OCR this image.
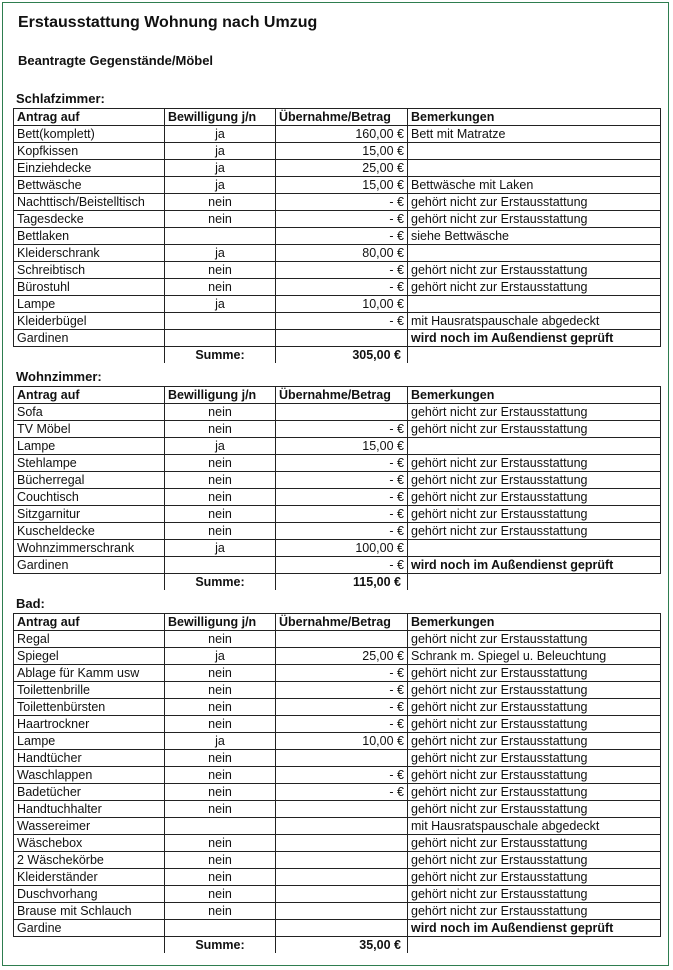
Erstausstattung Wohnung nach Umzug
Beantragte Gegenstände/Möbel
Schlafzimmer:
Antrag auf	Bewilligung j/n	Übernahme/Betrag	Bemerkungen
Bett(komplett)	ja	160,00 €	Bett mit Matratze
Kopfkissen	ja	15,00 €	
Einziehdecke	ja	25,00 €	
Bettwäsche	ja	15,00 €	Bettwäsche mit Laken
Nachttisch/Beistelltisch	nein	- €	gehört nicht zur Erstausstattung
Tagesdecke	nein	- €	gehört nicht zur Erstausstattung
Bettlaken		- €	siehe Bettwäsche
Kleiderschrank	ja	80,00 €	
Schreibtisch	nein	- €	gehört nicht zur Erstausstattung
Bürostuhl	nein	- €	gehört nicht zur Erstausstattung
Lampe	ja	10,00 €	
Kleiderbügel		- €	mit Hausratspauschale abgedeckt
Gardinen			wird noch im Außendienst geprüft
	Summe:	305,00 €	
Wohnzimmer:
Antrag auf	Bewilligung j/n	Übernahme/Betrag	Bemerkungen
Sofa	nein		gehört nicht zur Erstausstattung
TV Möbel	nein	- €	gehört nicht zur Erstausstattung
Lampe	ja	15,00 €	
Stehlampe	nein	- €	gehört nicht zur Erstausstattung
Bücherregal	nein	- €	gehört nicht zur Erstausstattung
Couchtisch	nein	- €	gehört nicht zur Erstausstattung
Sitzgarnitur	nein	- €	gehört nicht zur Erstausstattung
Kuscheldecke	nein	- €	gehört nicht zur Erstausstattung
Wohnzimmerschrank	ja	100,00 €	
Gardinen		- €	wird noch im Außendienst geprüft
	Summe:	115,00 €	
Bad:
Antrag auf	Bewilligung j/n	Übernahme/Betrag	Bemerkungen
Regal	nein		gehört nicht zur Erstausstattung
Spiegel	ja	25,00 €	Schrank m. Spiegel u. Beleuchtung
Ablage für Kamm usw	nein	- €	gehört nicht zur Erstausstattung
Toilettenbrille	nein	- €	gehört nicht zur Erstausstattung
Toilettenbürsten	nein	- €	gehört nicht zur Erstausstattung
Haartrockner	nein	- €	gehört nicht zur Erstausstattung
Lampe	ja	10,00 €	gehört nicht zur Erstausstattung
Handtücher	nein		gehört nicht zur Erstausstattung
Waschlappen	nein	- €	gehört nicht zur Erstausstattung
Badetücher	nein	- €	gehört nicht zur Erstausstattung
Handtuchhalter	nein		gehört nicht zur Erstausstattung
Wassereimer			mit Hausratspauschale abgedeckt
Wäschebox	nein		gehört nicht zur Erstausstattung
2 Wäschekörbe	nein		gehört nicht zur Erstausstattung
Kleiderständer	nein		gehört nicht zur Erstausstattung
Duschvorhang	nein		gehört nicht zur Erstausstattung
Brause mit Schlauch	nein		gehört nicht zur Erstausstattung
Gardine			wird noch im Außendienst geprüft
	Summe:	35,00 €	
